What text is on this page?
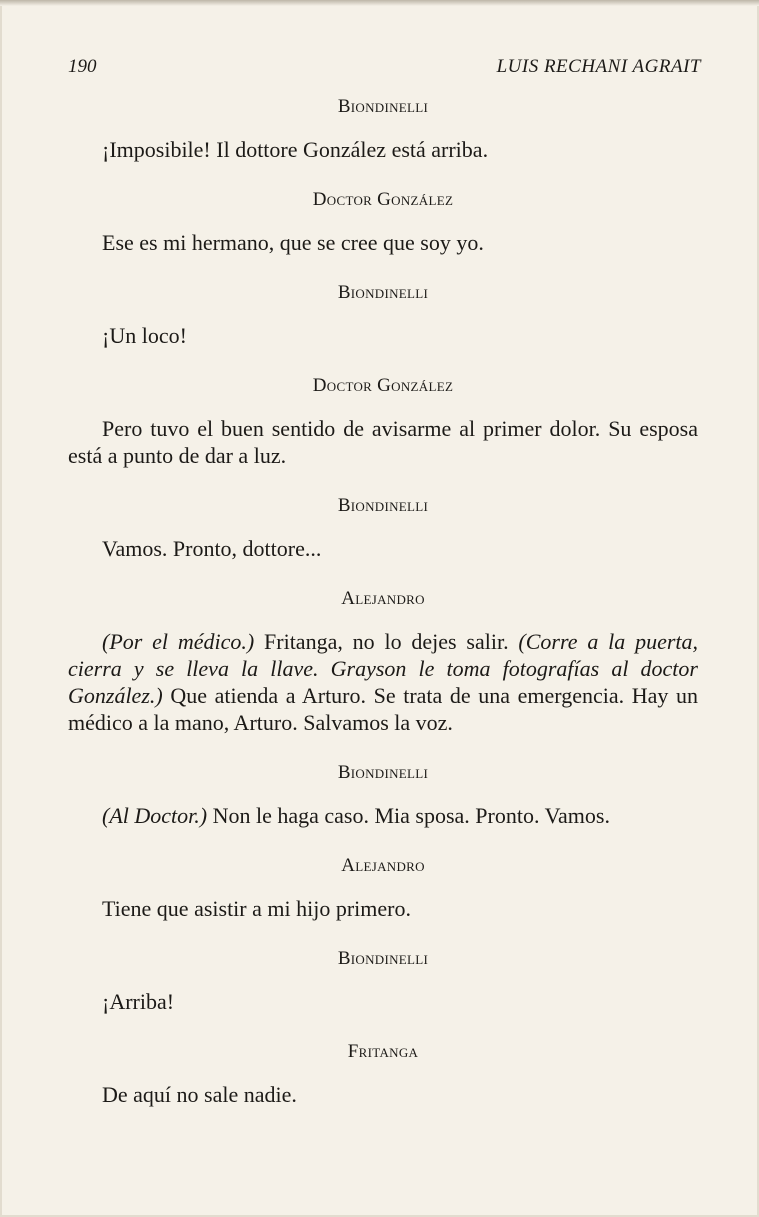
190	LUIS RECHANI AGRAIT
Biondinelli

¡Imposibile! Il dottore González está arriba.

Doctor González

Ese es mi hermano, que se cree que soy yo.

Biondinelli

¡Un loco!

Doctor González

Pero tuvo el buen sentido de avisarme al primer dolor. Su esposa está a punto de dar a luz.

Biondinelli

Vamos. Pronto, dottore...

Alejandro

(Por el médico.) Fritanga, no lo dejes salir. (Corre a la puerta, cierra y se lleva la llave. Grayson le toma fotografías al doctor González.) Que atienda a Arturo. Se trata de una emergencia. Hay un médico a la mano, Arturo. Salvamos la voz.

Biondinelli

(Al Doctor.) Non le haga caso. Mia sposa. Pronto. Vamos.

Alejandro

Tiene que asistir a mi hijo primero.

Biondinelli

¡Arriba!

Fritanga

De aquí no sale nadie.
